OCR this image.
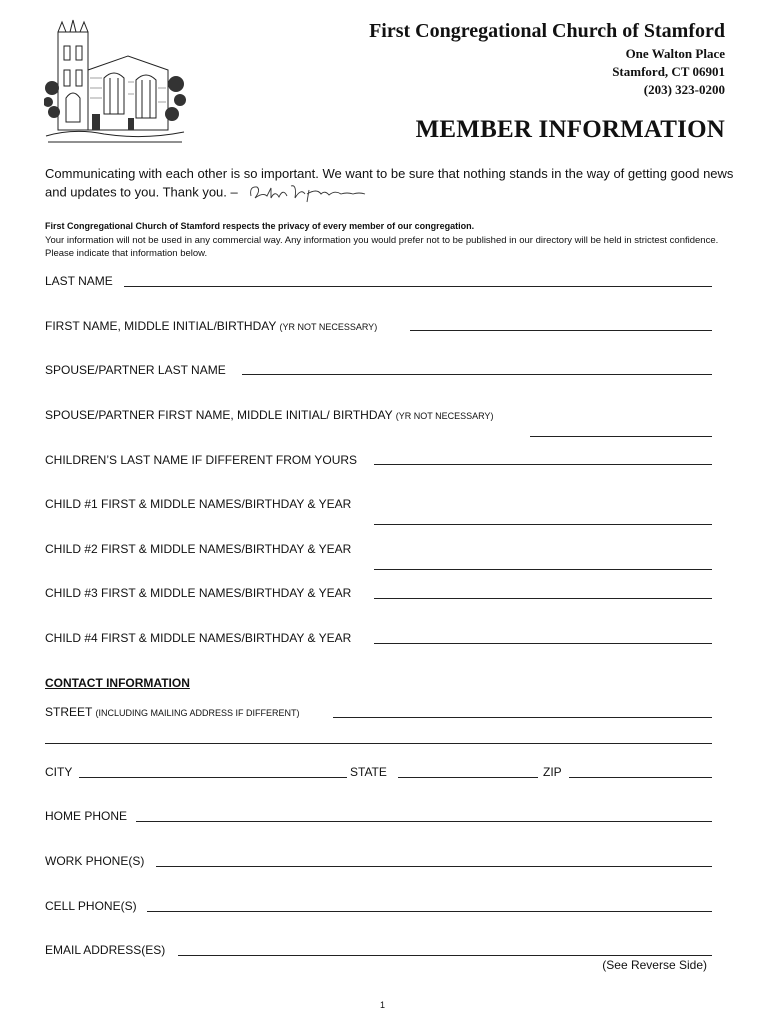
First Congregational Church of Stamford
One Walton Place
Stamford, CT 06901
(203) 323-0200
MEMBER INFORMATION
Communicating with each other is so important. We want to be sure that nothing stands in the way of getting good news and updates to you. Thank you. –
First Congregational Church of Stamford respects the privacy of every member of our congregation.
Your information will not be used in any commercial way. Any information you would prefer not to be published in our directory will be held in strictest confidence. Please indicate that information below.
LAST NAME
FIRST NAME, MIDDLE INITIAL/BIRTHDAY (YR NOT NECESSARY)
SPOUSE/PARTNER LAST NAME
SPOUSE/PARTNER FIRST NAME, MIDDLE INITIAL/ BIRTHDAY (YR NOT NECESSARY)
CHILDREN’S LAST NAME IF DIFFERENT FROM YOURS
CHILD #1 FIRST & MIDDLE NAMES/BIRTHDAY & YEAR
CHILD #2 FIRST & MIDDLE NAMES/BIRTHDAY & YEAR
CHILD #3 FIRST & MIDDLE NAMES/BIRTHDAY & YEAR
CHILD #4 FIRST & MIDDLE NAMES/BIRTHDAY & YEAR
CONTACT INFORMATION
STREET (INCLUDING MAILING ADDRESS IF DIFFERENT)
CITY	STATE	ZIP
HOME PHONE
WORK PHONE(S)
CELL PHONE(S)
EMAIL ADDRESS(ES)
(See Reverse Side)
1
